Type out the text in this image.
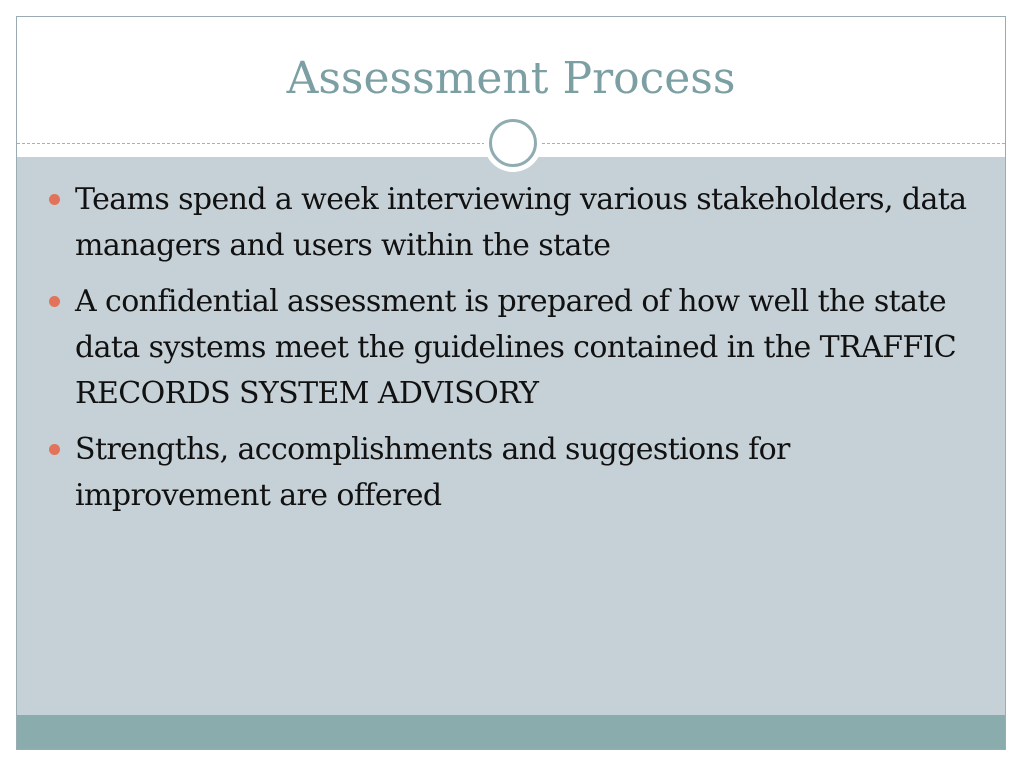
Assessment Process
Teams spend a week interviewing various stakeholders, data managers and users within the state
A confidential assessment is prepared of how well the state data systems meet the guidelines contained in the TRAFFIC RECORDS SYSTEM ADVISORY
Strengths, accomplishments and suggestions for improvement are offered
